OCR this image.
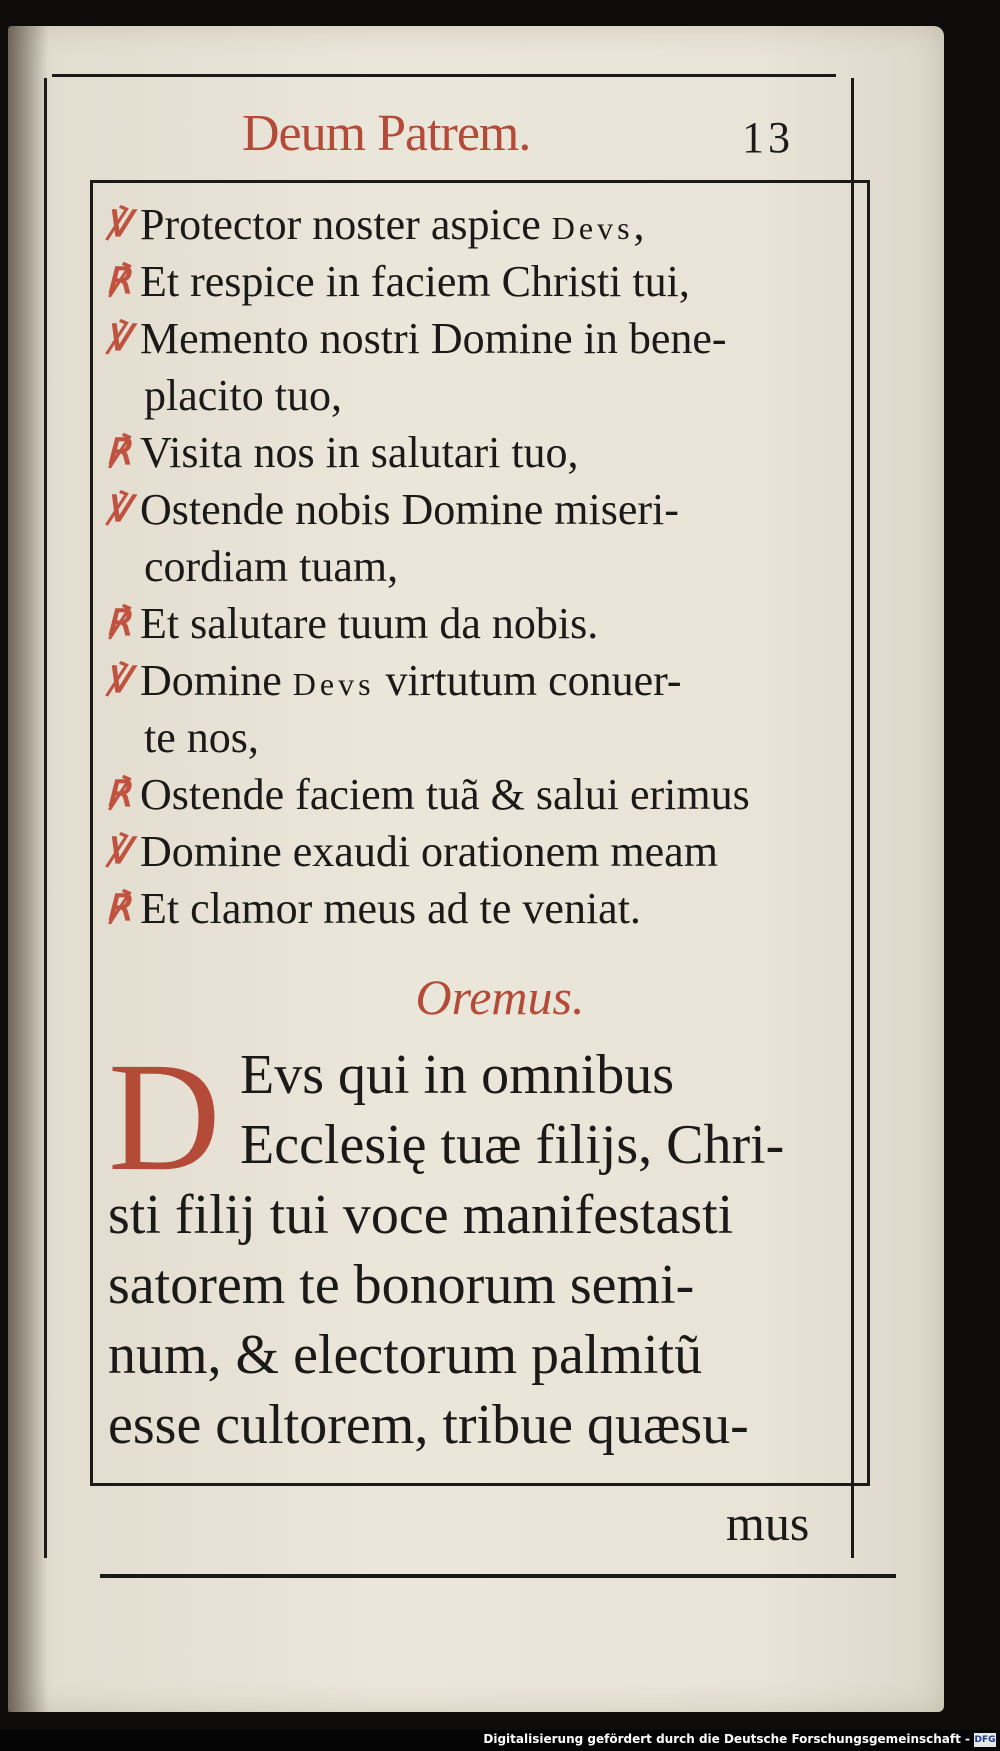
Deum Patrem.	13
℣ Protector noster aspice Devs,
℟ Et respice in faciem Christi tui,
℣ Memento nostri Domine in bene-
placito tuo,
℟ Visita nos in salutari tuo,
℣ Ostende nobis Domine miseri-
cordiam tuam,
℟ Et salutare tuum da nobis.
℣ Domine Devs virtutum conuer-
te nos,
℟ Ostende faciem tuã & salui erimus
℣ Domine exaudi orationem meam
℟ Et clamor meus ad te veniat.
Oremus.
D Evs qui in omnibus
Ecclesię tuæ filijs, Chri-
sti filij tui voce manifestasti
satorem te bonorum semi-
num, & electorum palmitũ
esse cultorem, tribue quæsu-
mus
Digitalisierung gefördert durch die Deutsche Forschungsgemeinschaft - DFG
